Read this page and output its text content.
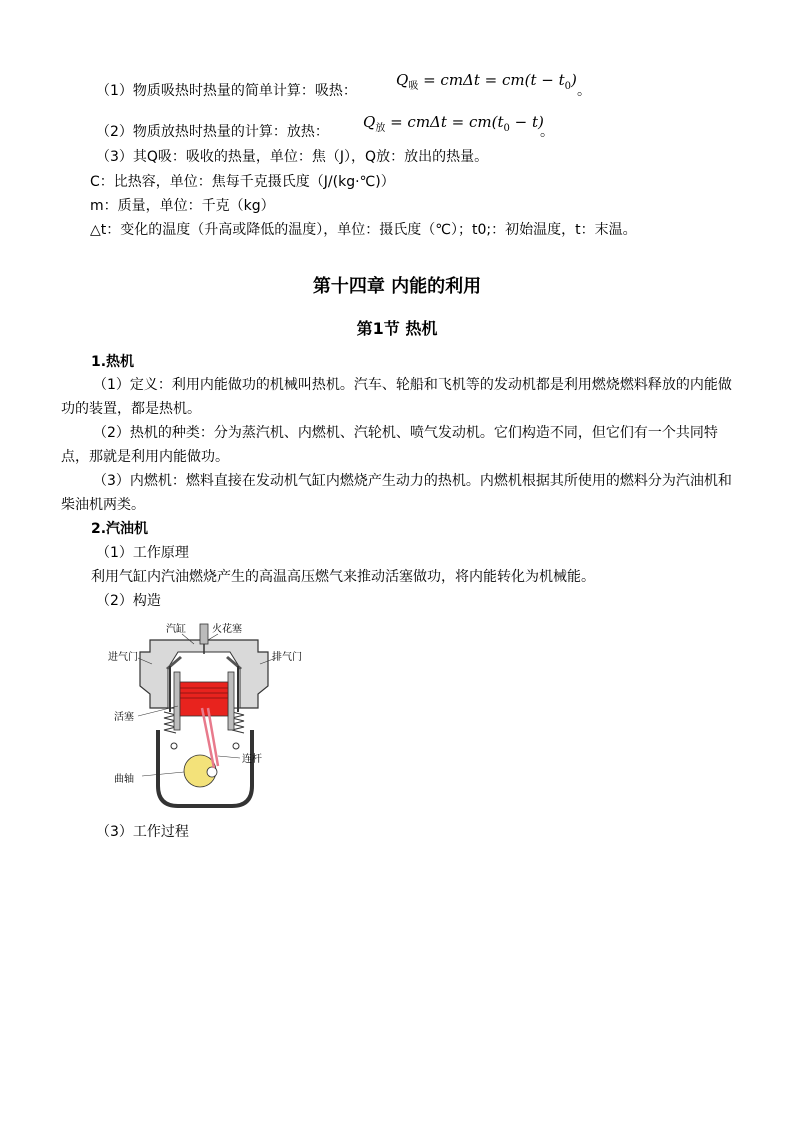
（1）物质吸热时热量的简单计算：吸热：
$Q_吸 = cm\Delta t = cm(t - t_0)$
。
（2）物质放热时热量的计算：放热：
$Q_放 = cm\Delta t = cm(t_0 - t)$
。
（3）其Q吸：吸收的热量，单位：焦（J），Q放：放出的热量。
C：比热容，单位：焦每千克摄氏度（J/(kg·℃)）
m：质量，单位：千克（kg）
△t：变化的温度（升高或降低的温度），单位：摄氏度（℃）；t0;：初始温度，t：末温。
第十四章 内能的利用
第1节 热机
1.热机
（1）定义：利用内能做功的机械叫热机。汽车、轮船和飞机等的发动机都是利用燃烧燃料释放的内能做功的装置，都是热机。
（2）热机的种类：分为蒸汽机、内燃机、汽轮机、喷气发动机。它们构造不同，但它们有一个共同特点，那就是利用内能做功。
（3）内燃机：燃料直接在发动机气缸内燃烧产生动力的热机。内燃机根据其所使用的燃料分为汽油机和柴油机两类。
2.汽油机
（1）工作原理
利用气缸内汽油燃烧产生的高温高压燃气来推动活塞做功，将内能转化为机械能。
（2）构造
汽缸	火花塞
进气门	排气门
活塞
连杆
曲轴
（3）工作过程
